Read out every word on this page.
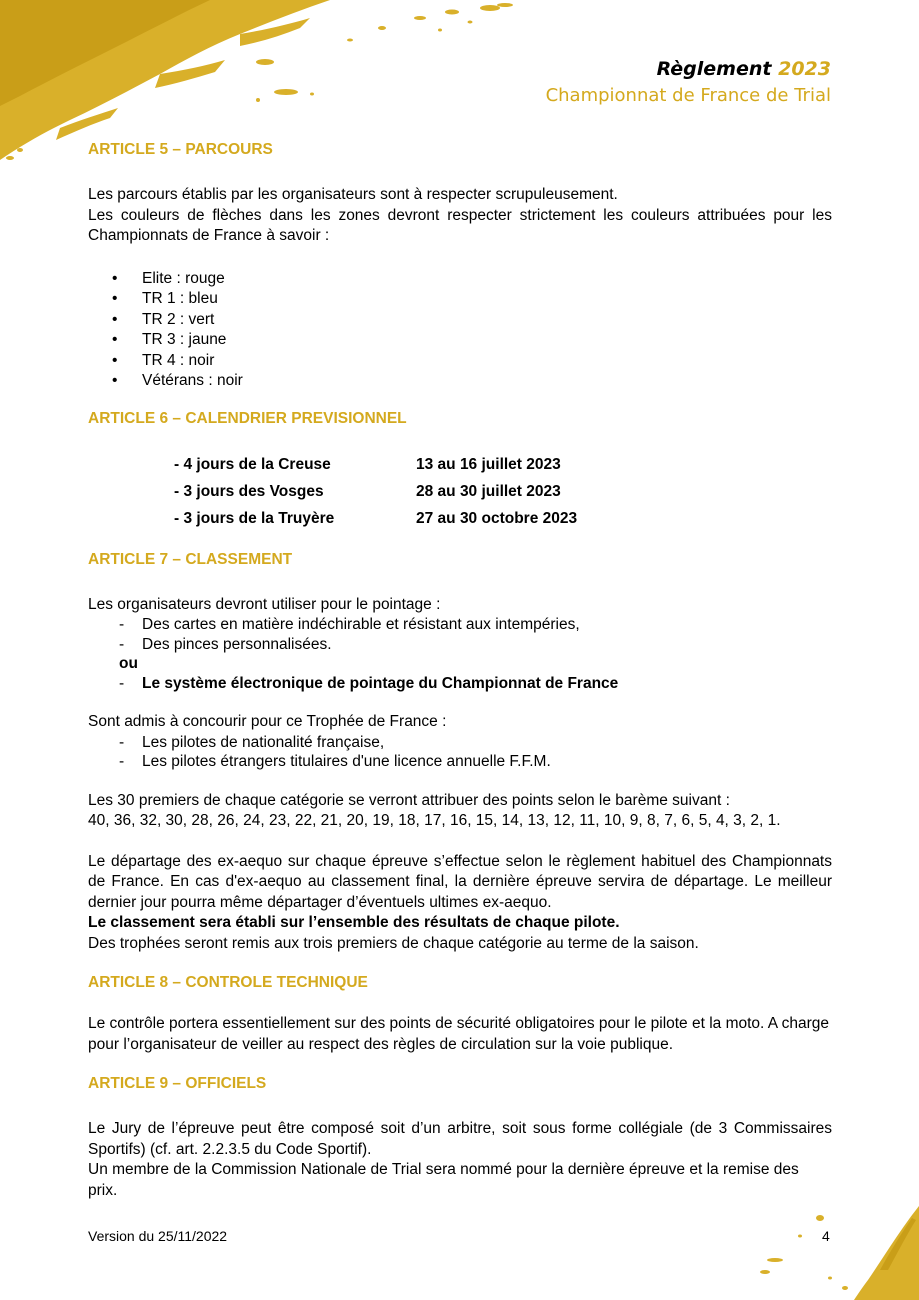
Règlement 2023
Championnat de France de Trial
ARTICLE 5 – PARCOURS

Les parcours établis par les organisateurs sont à respecter scrupuleusement.

Les couleurs de flèches dans les zones devront respecter strictement les couleurs attribuées pour les Championnats de France à savoir :

• Elite : rouge
• TR 1 : bleu
• TR 2 : vert
• TR 3 : jaune
• TR 4 : noir
• Vétérans : noir
ARTICLE 6 – CALENDRIER PREVISIONNEL
- 4 jours de la Creuse	13 au 16 juillet 2023
- 3 jours des Vosges	28 au 30 juillet 2023
- 3 jours de la Truyère	27 au 30 octobre 2023
ARTICLE 7 – CLASSEMENT

Les organisateurs devront utiliser pour le pointage :

- Des cartes en matière indéchirable et résistant aux intempéries,
- Des pinces personnalisées.

ou

- Le système électronique de pointage du Championnat de France

Sont admis à concourir pour ce Trophée de France :

- Les pilotes de nationalité française,
- Les pilotes étrangers titulaires d'une licence annuelle F.F.M.

Les 30 premiers de chaque catégorie se verront attribuer des points selon le barème suivant :

40, 36, 32, 30, 28, 26, 24, 23, 22, 21, 20, 19, 18, 17, 16, 15, 14, 13, 12, 11, 10, 9, 8, 7, 6, 5, 4, 3, 2, 1.

Le départage des ex-aequo sur chaque épreuve s’effectue selon le règlement habituel des Championnats de France. En cas d'ex-aequo au classement final, la dernière épreuve servira de départage. Le meilleur dernier jour pourra même départager d’éventuels ultimes ex-aequo.

Le classement sera établi sur l’ensemble des résultats de chaque pilote.

Des trophées seront remis aux trois premiers de chaque catégorie au terme de la saison.

ARTICLE 8 – CONTROLE TECHNIQUE

Le contrôle portera essentiellement sur des points de sécurité obligatoires pour le pilote et la moto. A charge pour l’organisateur de veiller au respect des règles de circulation sur la voie publique.

ARTICLE 9 – OFFICIELS

Le Jury de l’épreuve peut être composé soit d’un arbitre, soit sous forme collégiale (de 3 Commissaires Sportifs) (cf. art. 2.2.3.5 du Code Sportif).

Un membre de la Commission Nationale de Trial sera nommé pour la dernière épreuve et la remise des prix.

Version du 25/11/2022	4
